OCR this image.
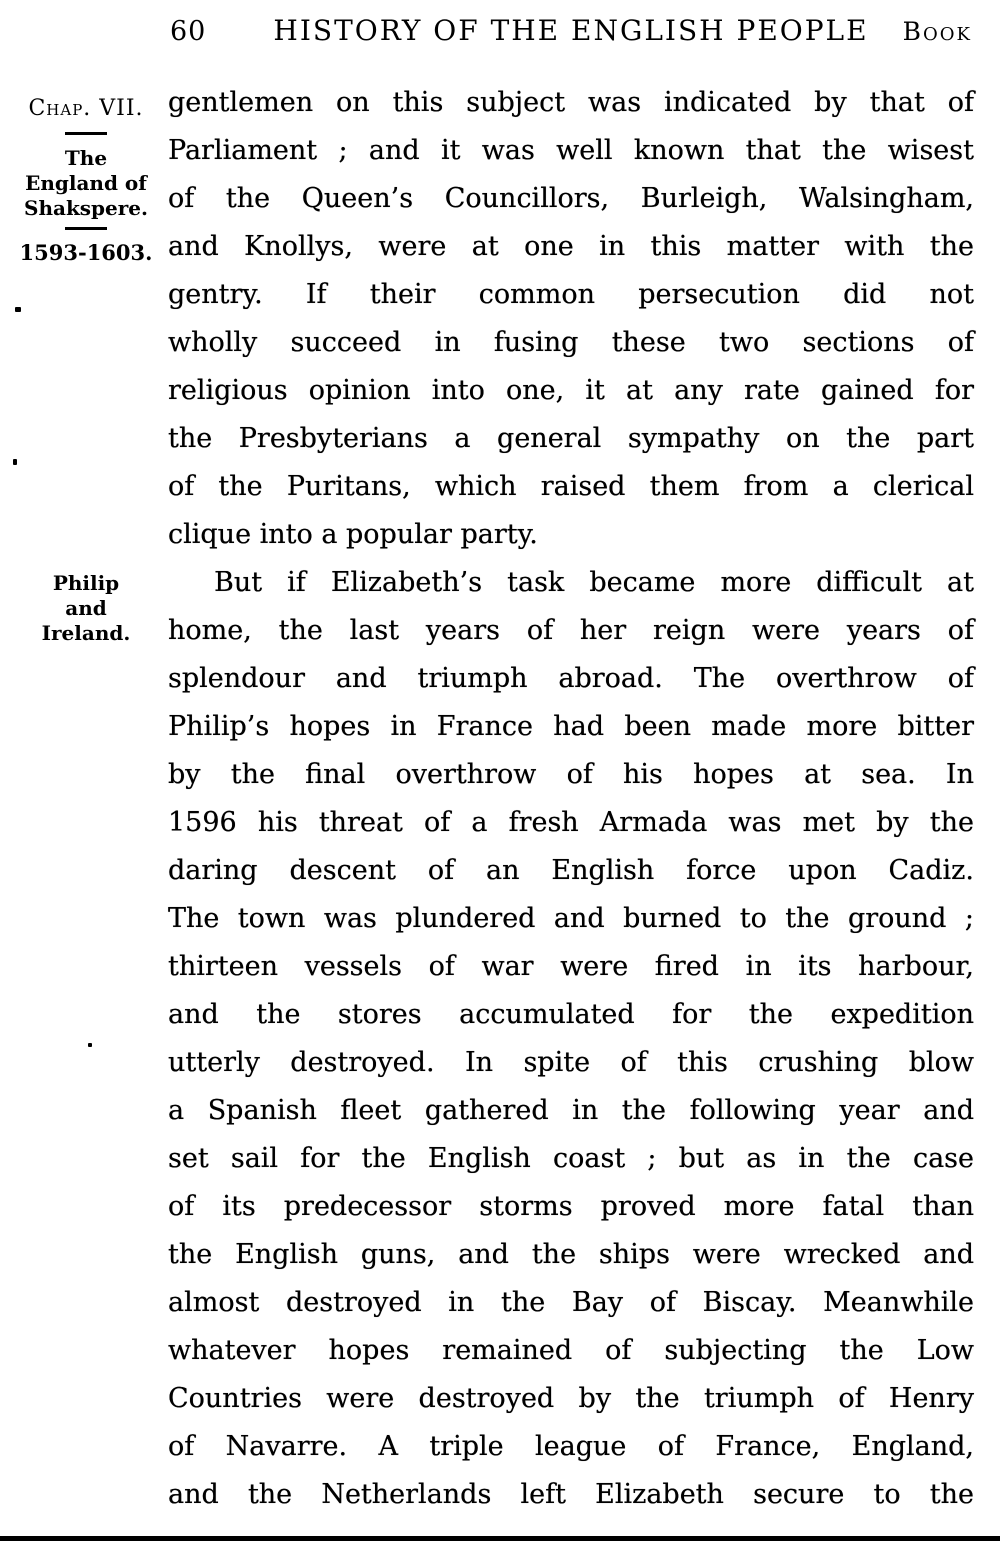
60	HISTORY OF THE ENGLISH PEOPLE	Book
Chap. VII.
The
England of
Shakspere.
1593-1603.
Philip
and
Ireland.

gentlemen on this subject was indicated by that of
Parliament ; and it was well known that the wisest
of the Queen’s Councillors, Burleigh, Walsingham,
and Knollys, were at one in this matter with the
gentry. If their common persecution did not
wholly succeed in fusing these two sections of
religious opinion into one, it at any rate gained for
the Presbyterians a general sympathy on the part
of the Puritans, which raised them from a clerical
clique into a popular party.

But if Elizabeth’s task became more difficult at
home, the last years of her reign were years of
splendour and triumph abroad. The overthrow of
Philip’s hopes in France had been made more bitter
by the final overthrow of his hopes at sea. In
1596 his threat of a fresh Armada was met by the
daring descent of an English force upon Cadiz.
The town was plundered and burned to the ground ;
thirteen vessels of war were fired in its harbour,
and the stores accumulated for the expedition
utterly destroyed. In spite of this crushing blow
a Spanish fleet gathered in the following year and
set sail for the English coast ; but as in the case
of its predecessor storms proved more fatal than
the English guns, and the ships were wrecked and
almost destroyed in the Bay of Biscay. Meanwhile
whatever hopes remained of subjecting the Low
Countries were destroyed by the triumph of Henry
of Navarre. A triple league of France, England,
and the Netherlands left Elizabeth secure to the
